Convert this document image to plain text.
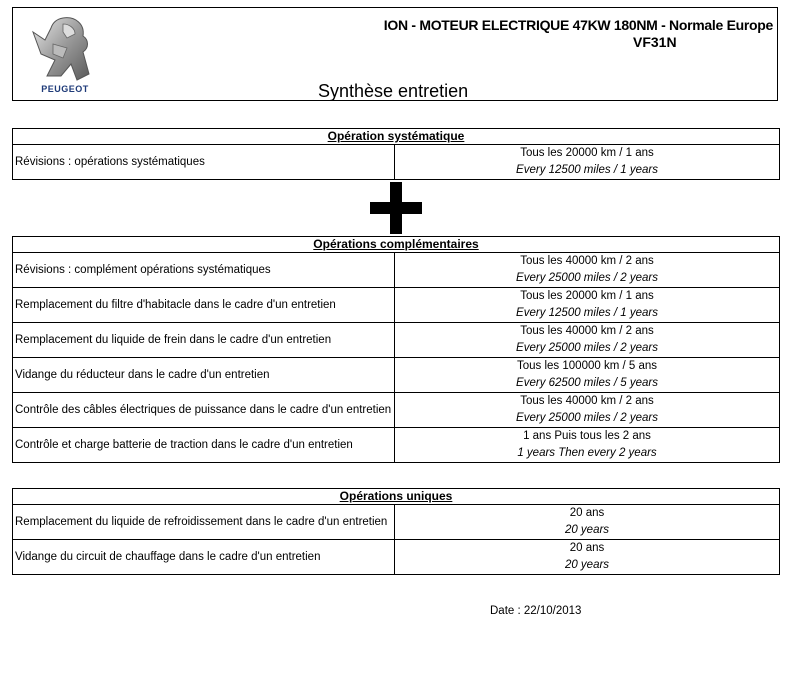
PEUGEOT
ION - MOTEUR ELECTRIQUE 47KW 180NM - Normale Europe
VF31N
Synthèse entretien
Opération systématique
Révisions : opérations systématiques
Tous les 20000 km / 1 ans
Every 12500 miles / 1 years
Opérations complémentaires
Révisions : complément opérations systématiques
Tous les 40000 km / 2 ans
Every 25000 miles / 2 years
Remplacement du filtre d'habitacle dans le cadre d'un entretien
Tous les 20000 km / 1 ans
Every 12500 miles / 1 years
Remplacement du liquide de frein dans le cadre d'un entretien
Tous les 40000 km / 2 ans
Every 25000 miles / 2 years
Vidange du réducteur dans le cadre d'un entretien
Tous les 100000 km / 5 ans
Every 62500 miles / 5 years
Contrôle des câbles électriques de puissance dans le cadre d'un entretien
Tous les 40000 km / 2 ans
Every 25000 miles / 2 years
Contrôle et charge batterie de traction dans le cadre d'un entretien
1 ans Puis tous les 2 ans
1 years Then every 2 years
Opérations uniques
Remplacement du liquide de refroidissement dans le cadre d'un entretien
20 ans
20 years
Vidange du circuit de chauffage dans le cadre d'un entretien
20 ans
20 years
Date : 22/10/2013
